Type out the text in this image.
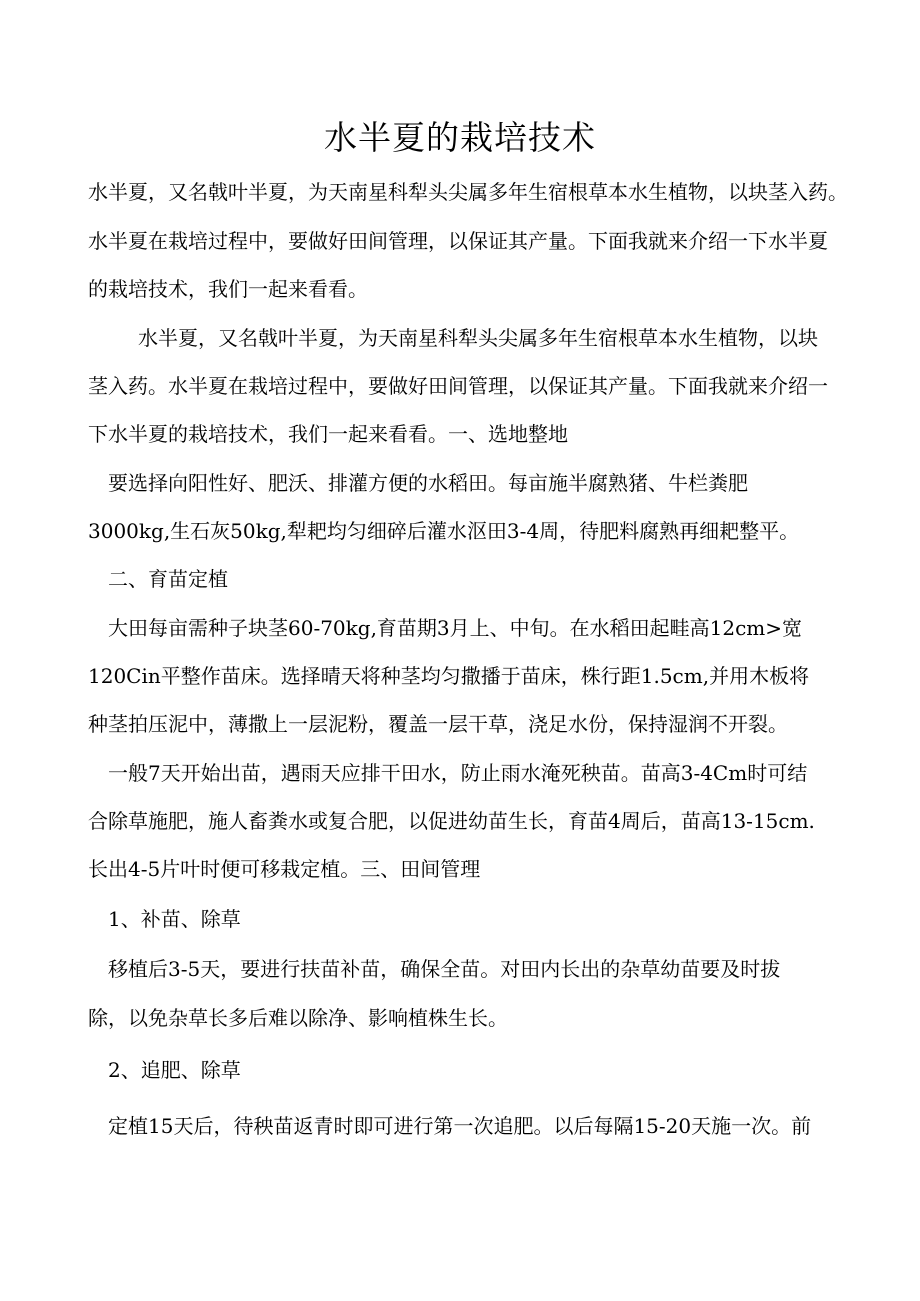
水半夏的栽培技术

水半夏，又名戟叶半夏，为天南星科犁头尖属多年生宿根草本水生植物，以块茎入药。

水半夏在栽培过程中，要做好田间管理，以保证其产量。下面我就来介绍一下水半夏

的栽培技术，我们一起来看看。

水半夏，又名戟叶半夏，为天南星科犁头尖属多年生宿根草本水生植物，以块

茎入药。水半夏在栽培过程中，要做好田间管理，以保证其产量。下面我就来介绍一

下水半夏的栽培技术，我们一起来看看。一、选地整地

要选择向阳性好、肥沃、排灌方便的水稻田。每亩施半腐熟猪、牛栏粪肥

3000kg,生石灰50kg,犁耙均匀细碎后灌水沤田3-4周，待肥料腐熟再细耙整平。

二、育苗定植

大田每亩需种子块茎60-70kg,育苗期3月上、中旬。在水稻田起畦高12cm>宽

120Cin平整作苗床。选择晴天将种茎均匀撒播于苗床，株行距1.5cm,并用木板将

种茎拍压泥中，薄撒上一层泥粉，覆盖一层干草，浇足水份，保持湿润不开裂。

一般7天开始出苗，遇雨天应排干田水，防止雨水淹死秧苗。苗高3-4Cm时可结

合除草施肥，施人畜粪水或复合肥，以促进幼苗生长，育苗4周后，苗高13-15cm.

长出4-5片叶时便可移栽定植。三、田间管理

1、补苗、除草

移植后3-5天，要进行扶苗补苗，确保全苗。对田内长出的杂草幼苗要及时拔

除，以免杂草长多后难以除净、影响植株生长。

2、追肥、除草

定植15天后，待秧苗返青时即可进行第一次追肥。以后每隔15-20天施一次。前
